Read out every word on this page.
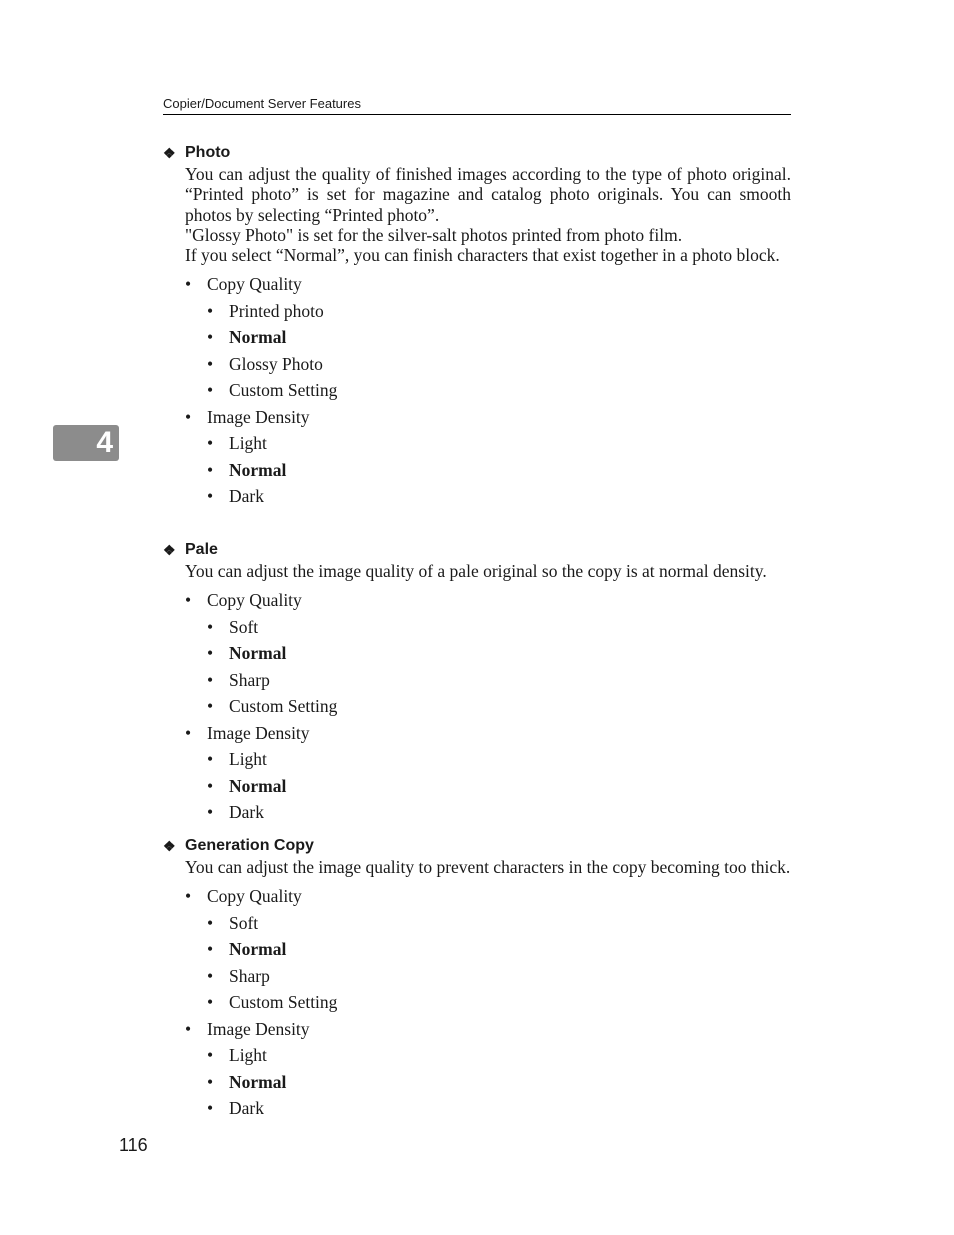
Copier/Document Server Features
4
❖ Photo

You can adjust the quality of finished images according to the type of photo original. “Printed photo” is set for magazine and catalog photo originals. You can smooth photos by selecting “Printed photo”.

"Glossy Photo" is set for the silver-salt photos printed from photo film.

If you select “Normal”, you can finish characters that exist together in a photo block.

• Copy Quality
• Printed photo
• Normal
• Glossy Photo
• Custom Setting
• Image Density
• Light
• Normal
• Dark
❖ Pale

You can adjust the image quality of a pale original so the copy is at normal density.

• Copy Quality
• Soft
• Normal
• Sharp
• Custom Setting
• Image Density
• Light
• Normal
• Dark
❖ Generation Copy

You can adjust the image quality to prevent characters in the copy becoming too thick.

• Copy Quality
• Soft
• Normal
• Sharp
• Custom Setting
• Image Density
• Light
• Normal
• Dark
116
